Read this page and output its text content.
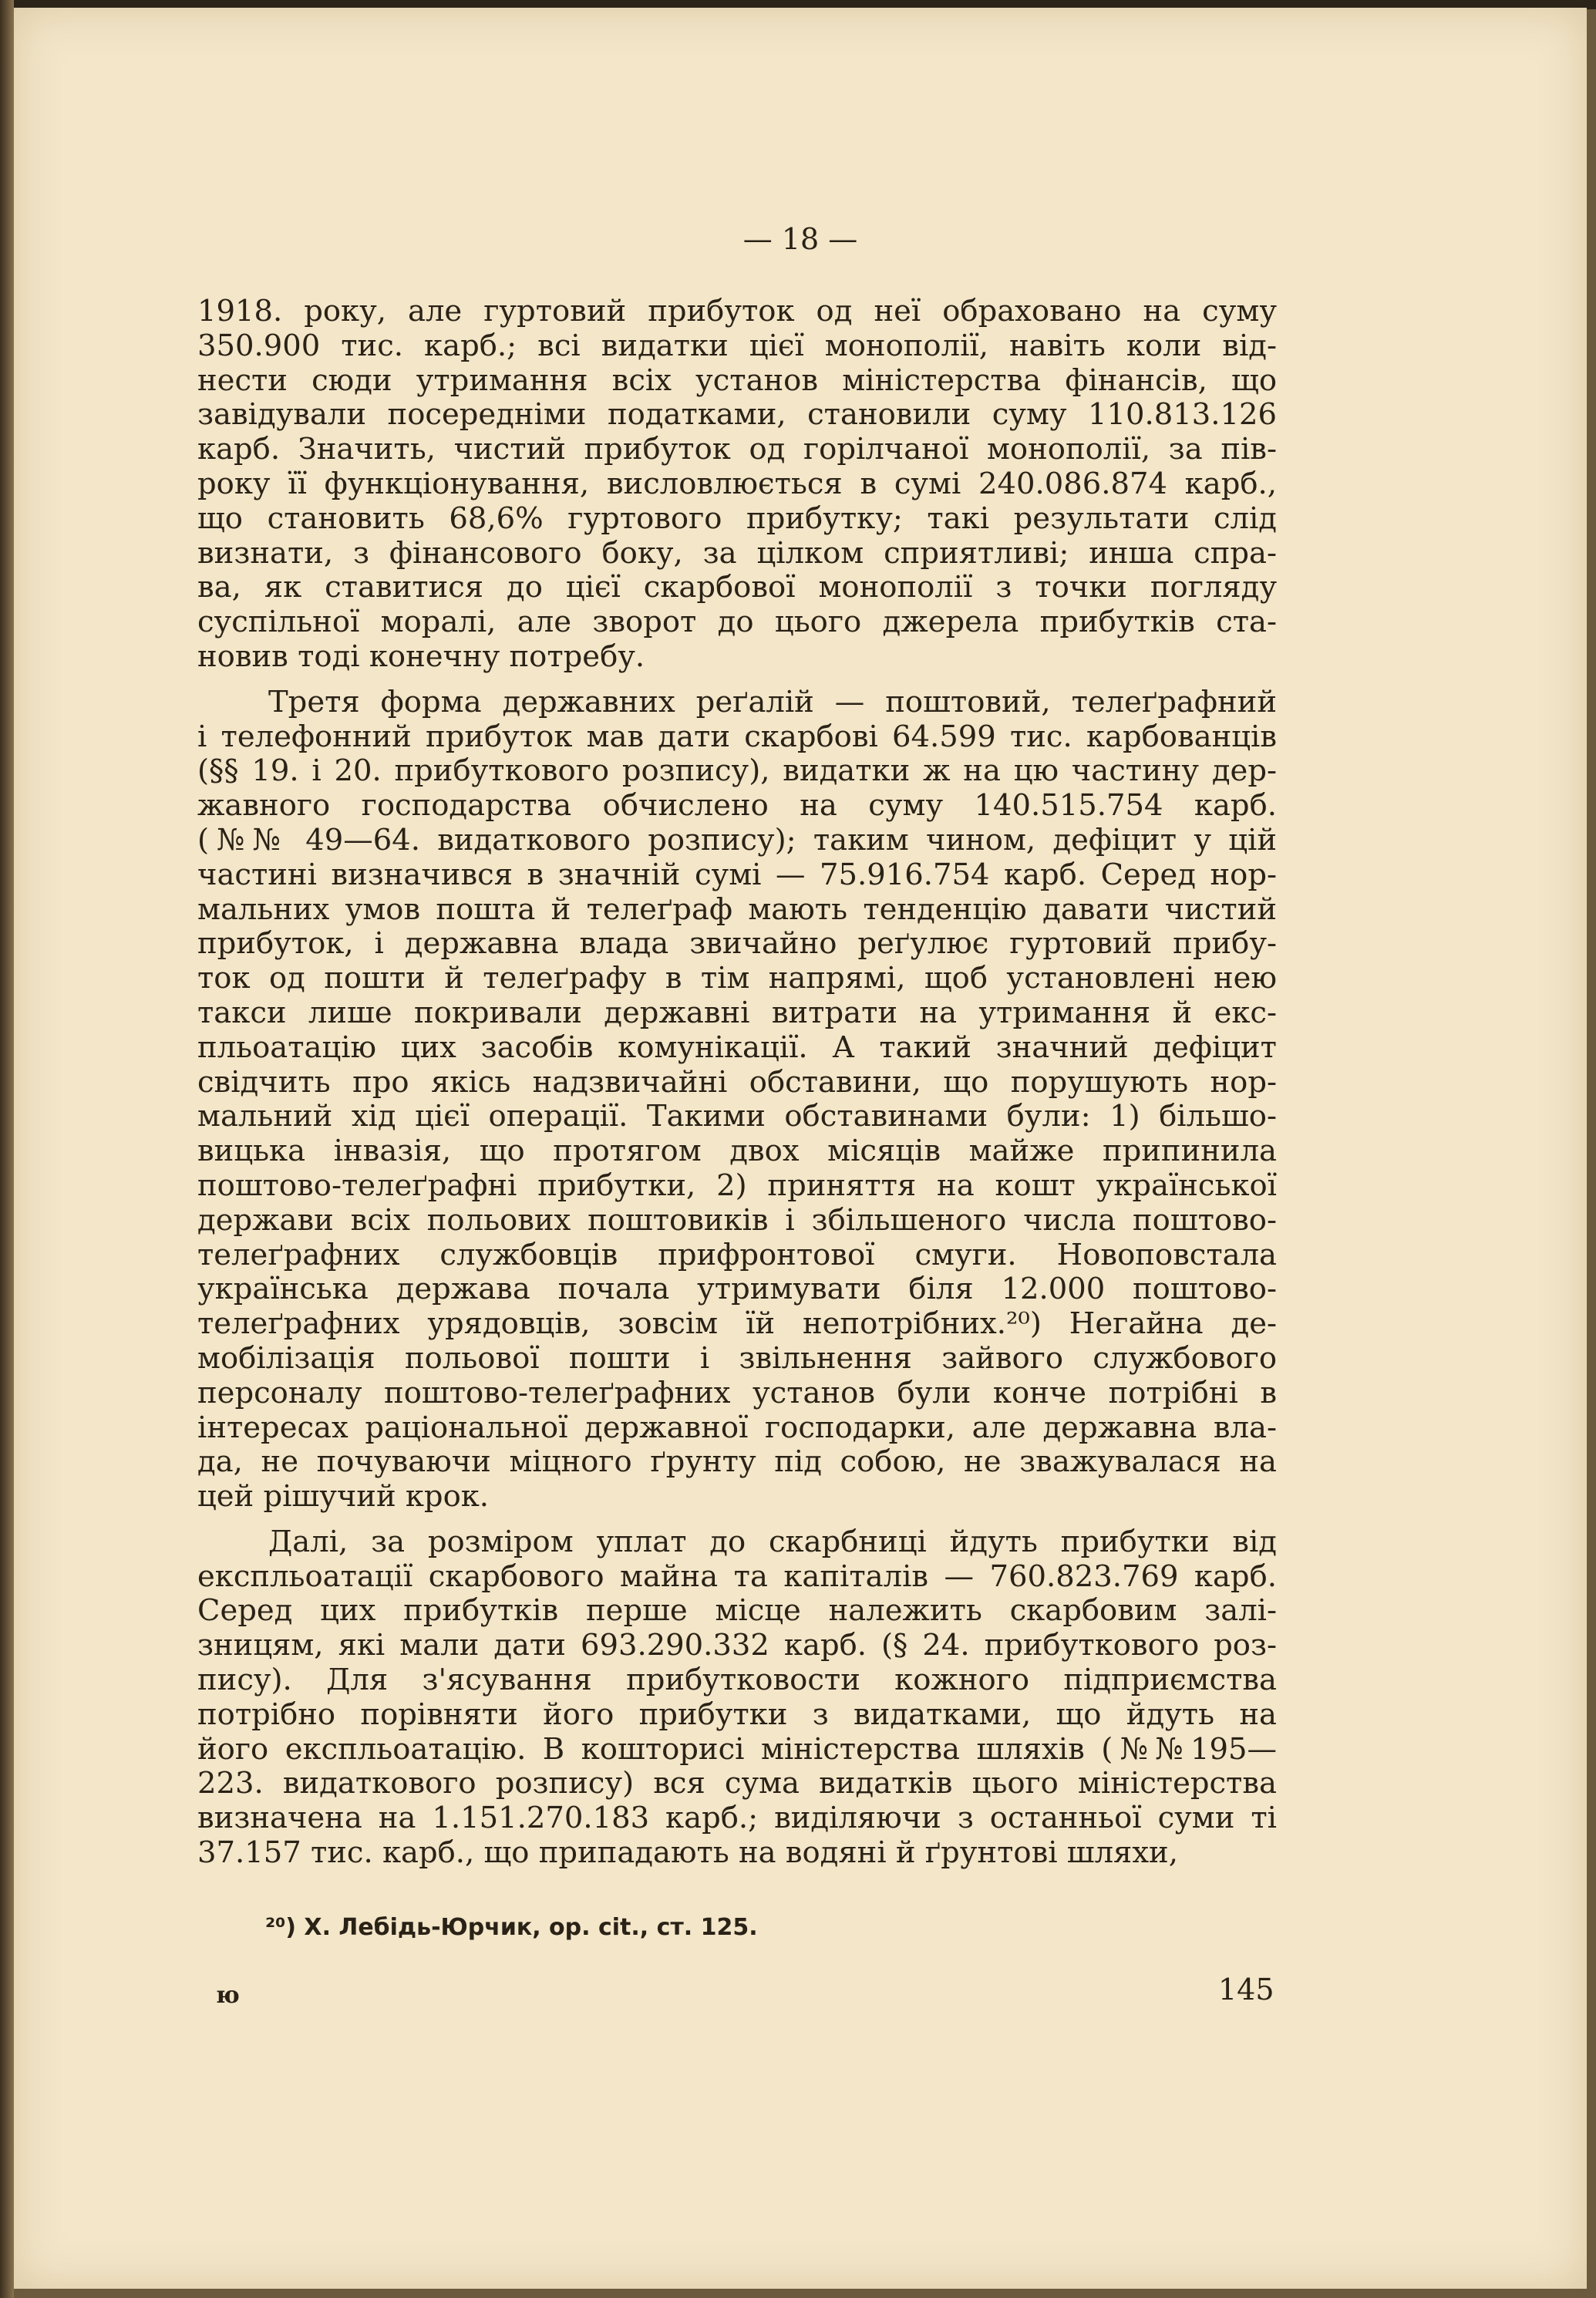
— 18 —
1918. року, але гуртовий прибуток од неї обраховано на суму
350.900 тис. карб.; всі видатки цієї монополії, навіть коли від-
нести сюди утримання всіх установ міністерства фінансів, що
завідували посередніми податками, становили суму 110.813.126
карб. Значить, чистий прибуток од горілчаної монополії, за пів-
року її функціонування, висловлюється в сумі 240.086.874 карб.,
що становить 68,6% гуртового прибутку; такі результати слід
визнати, з фінансового боку, за цілком сприятливі; инша спра-
ва, як ставитися до цієї скарбової монополії з точки погляду
суспільної моралі, але зворот до цього джерела прибутків ста-
новив тоді конечну потребу.
Третя форма державних реґалій — поштовий, телеґрафний
і телефонний прибуток мав дати скарбові 64.599 тис. карбованців
(§§ 19. і 20. прибуткового розпису), видатки ж на цю частину дер-
жавного господарства обчислено на суму 140.515.754 карб.
(№№ 49—64. видаткового розпису); таким чином, дефіцит у цій
частині визначився в значній сумі — 75.916.754 карб. Серед нор-
мальних умов пошта й телеґраф мають тенденцію давати чистий
прибуток, і державна влада звичайно реґулює гуртовий прибу-
ток од пошти й телеґрафу в тім напрямі, щоб установлені нею
такси лише покривали державні витрати на утримання й екс-
пльоатацію цих засобів комунікації. А такий значний дефіцит
свідчить про якісь надзвичайні обставини, що порушують нор-
мальний хід цієї операції. Такими обставинами були: 1) більшо-
вицька інвазія, що протягом двох місяців майже припинила
поштово-телеґрафні прибутки, 2) приняття на кошт української
держави всіх польових поштовиків і збільшеного числа поштово-
телеґрафних службовців прифронтової смуги. Новоповстала
українська держава почала утримувати біля 12.000 поштово-
телеґрафних урядовців, зовсім їй непотрібних.²⁰) Негайна де-
мобілізація польової пошти і звільнення зайвого службового
персоналу поштово-телеґрафних установ були конче потрібні в
інтересах раціональної державної господарки, але державна вла-
да, не почуваючи міцного ґрунту під собою, не зважувалася на
цей рішучий крок.
Далі, за розміром уплат до скарбниці йдуть прибутки від
експльоатації скарбового майна та капіталів — 760.823.769 карб.
Серед цих прибутків перше місце належить скарбовим залі-
зницям, які мали дати 693.290.332 карб. (§ 24. прибуткового роз-
пису). Для з'ясування прибутковости кожного підприємства
потрібно порівняти його прибутки з видатками, що йдуть на
його експльоатацію. В кошторисі міністерства шляхів (№№195—
223. видаткового розпису) вся сума видатків цього міністерства
визначена на 1.151.270.183 карб.; виділяючи з останньої суми ті
37.157 тис. карб., що припадають на водяні й ґрунтові шляхи,
²⁰) Х. Лебідь-Юрчик, op. cit., ст. 125.
ю	145
